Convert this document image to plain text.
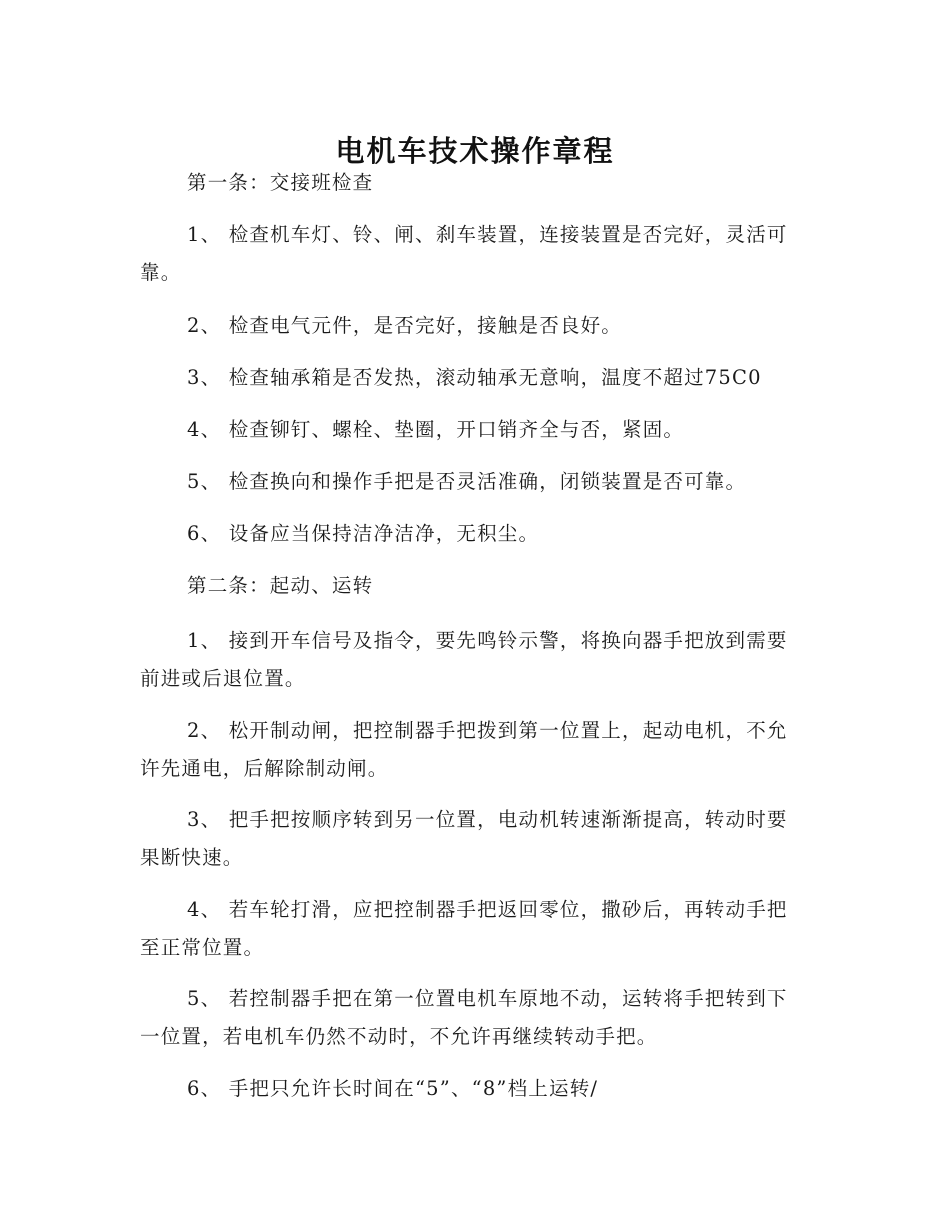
电机车技术操作章程

第一条：交接班检查

1、 检查机车灯、铃、闸、刹车装置，连接装置是否完好，灵活可靠。

2、 检查电气元件，是否完好，接触是否良好。

3、 检查轴承箱是否发热，滚动轴承无意响，温度不超过75C0

4、 检查铆钉、螺栓、垫圈，开口销齐全与否，紧固。

5、 检查换向和操作手把是否灵活准确，闭锁装置是否可靠。

6、 设备应当保持洁净洁净，无积尘。

第二条：起动、运转

1、 接到开车信号及指令，要先鸣铃示警，将换向器手把放到需要前进或后退位置。

2、 松开制动闸，把控制器手把拨到第一位置上，起动电机，不允许先通电，后解除制动闸。

3、 把手把按顺序转到另一位置，电动机转速渐渐提高，转动时要果断快速。

4、 若车轮打滑，应把控制器手把返回零位，撒砂后，再转动手把至正常位置。

5、 若控制器手把在第一位置电机车原地不动，运转将手把转到下一位置，若电机车仍然不动时，不允许再继续转动手把。

6、 手把只允许长时间在“5”、“8”档上运转/
